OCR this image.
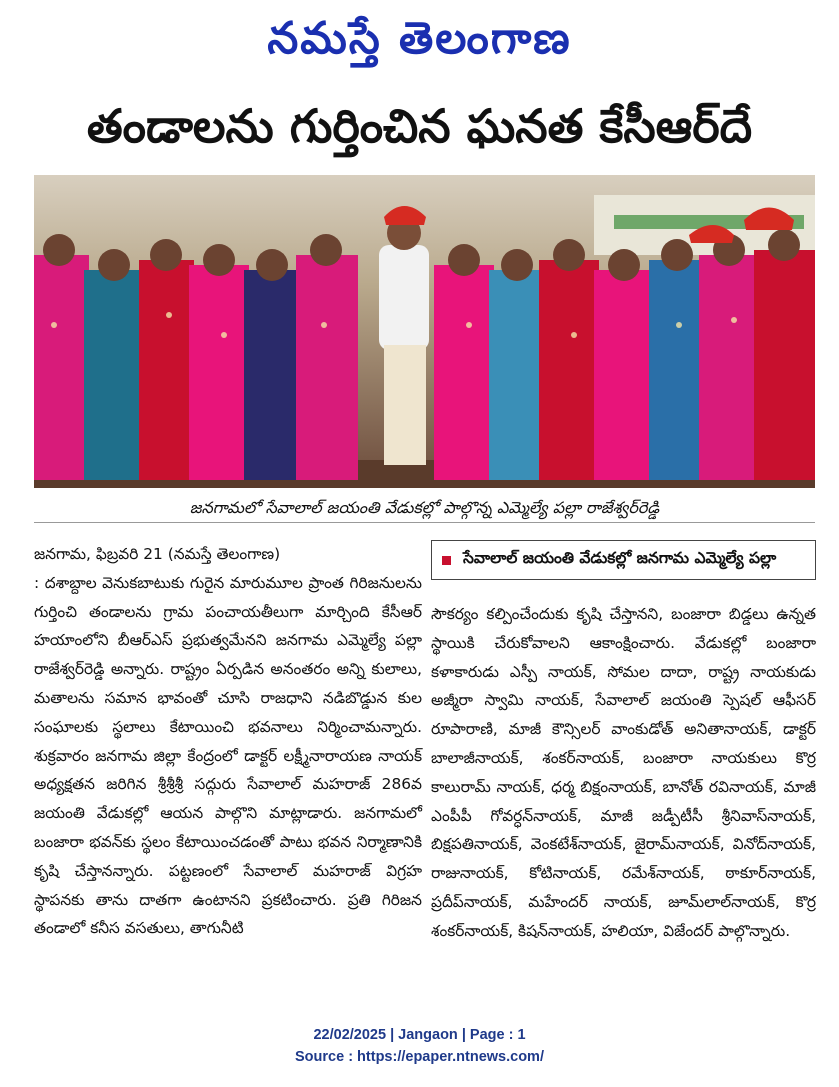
నమస్తే తెలంగాణ
తండాలను గుర్తించిన ఘనత కేసీఆర్‌దే
జనగామలో సేవాలాల్‌ జయంతి వేడుకల్లో పాల్గొన్న ఎమ్మెల్యే పల్లా రాజేశ్వర్‌రెడ్డి
జనగామ, ఫిబ్రవరి 21 (నమస్తే తెలంగాణ)

: దశాబ్దాల వెనుకబాటుకు గురైన మారుమూల ప్రాంత గిరిజనులను గుర్తించి తండాలను గ్రామ పంచాయతీలుగా మార్చింది కేసీఆర్‌ హయాంలోని బీఆర్‌ఎస్‌ ప్రభుత్వమేనని జనగామ ఎమ్మెల్యే పల్లా రాజేశ్వర్‌రెడ్డి అన్నారు. రాష్ట్రం ఏర్పడిన అనంతరం అన్ని కులాలు, మతాలను సమాన భావంతో చూసి రాజధాని నడిబొడ్డున కుల సంఘాలకు స్థలాలు కేటాయించి భవనాలు నిర్మించామన్నారు. శుక్రవారం జనగామ జిల్లా కేంద్రంలో డాక్టర్‌ లక్ష్మీనారాయణ నాయక్‌ అధ్యక్షతన జరిగిన శ్రీశ్రీశ్రీ సద్గురు సేవాలాల్‌ మహరాజ్‌ 286వ జయంతి వేడుకల్లో ఆయన పాల్గొని మాట్లాడారు. జనగామలో బంజారా భవన్‌కు స్థలం కేటాయించడంతో పాటు భవన నిర్మాణానికి కృషి చేస్తానన్నారు. పట్టణంలో సేవాలాల్‌ మహరాజ్‌ విగ్రహ స్థాపనకు తాను దాతగా ఉంటానని ప్రకటించారు. ప్రతి గిరిజన తండాలో కనీస వసతులు, తాగునీటి

సేవాలాల్‌ జయంతి వేడుకల్లో జనగామ ఎమ్మెల్యే పల్లా

సౌకర్యం కల్పించేందుకు కృషి చేస్తానని, బంజారా బిడ్డలు ఉన్నత స్థాయికి చేరుకోవాలని ఆకాంక్షించారు. వేడుకల్లో బంజారా కళాకారుడు ఎస్పీ నాయక్‌, సోమల దాదా, రాష్ట్ర నాయకుడు అజ్మీరా స్వామి నాయక్‌, సేవాలాల్‌ జయంతి స్పెషల్‌ ఆఫీసర్‌ రూపారాణి, మాజీ కౌన్సిలర్‌ వాంకుడోత్‌ అనితానాయక్‌, డాక్టర్‌ బాలాజీనాయక్‌, శంకర్‌నాయక్‌, బంజారా నాయకులు కొర్ర కాలురామ్‌ నాయక్‌, ధర్మ బిక్షంనాయక్‌, బానోత్‌ రవినాయక్‌, మాజీ ఎంపీపీ గోవర్ధన్‌నాయక్‌, మాజీ జడ్పీటీసీ శ్రీనివాస్‌నాయక్‌, బిక్షపతినాయక్‌, వెంకటేశ్‌నాయక్‌, జైరామ్‌నాయక్‌, వినోద్‌నాయక్‌, రాజునాయక్‌, కోటినాయక్‌, రమేశ్‌నాయక్‌, ఠాకూర్‌నాయక్‌, ప్రదీప్‌నాయక్‌, మహేందర్‌ నాయక్‌, జూమ్‌లాల్‌నాయక్‌, కొర్ర శంకర్‌నాయక్‌, కిషన్‌నాయక్‌, హలియా, విజేందర్‌ పాల్గొన్నారు.

22/02/2025 | Jangaon | Page : 1
Source : https://epaper.ntnews.com/
